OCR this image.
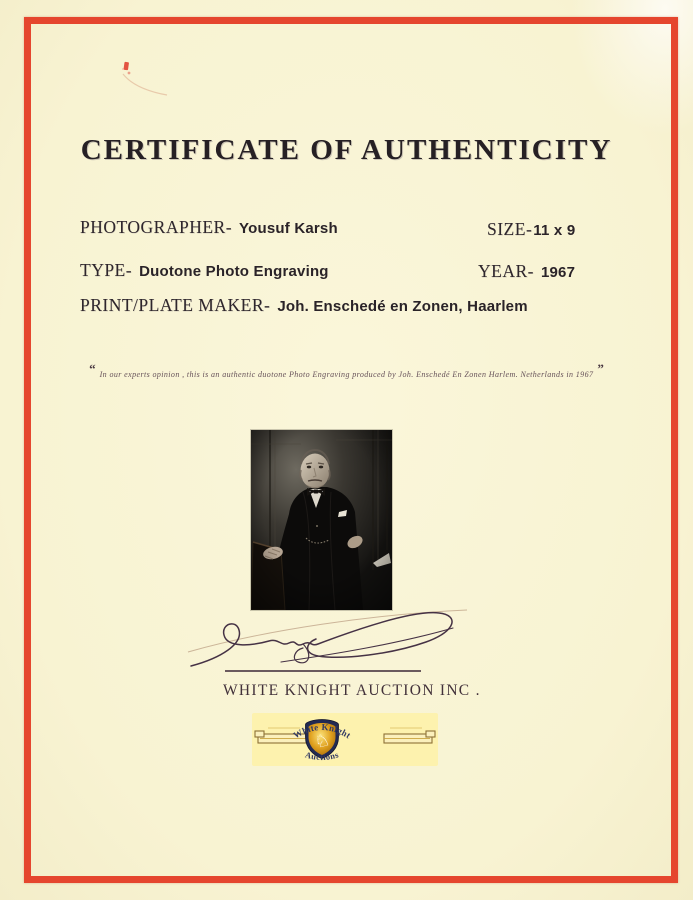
CERTIFICATE OF AUTHENTICITY
PHOTOGRAPHER- Yousuf Karsh	SIZE- 11 x 9
TYPE- Duotone Photo Engraving	YEAR- 1967
PRINT/PLATE MAKER- Joh. Enschedé en Zonen, Haarlem
“ In our experts opinion , this is an authentic duotone Photo Engraving produced by Joh. Enschedé En Zonen Harlem. Netherlands in 1967 ”
WHITE KNIGHT AUCTION INC .
♘
White Knight
Auctions
